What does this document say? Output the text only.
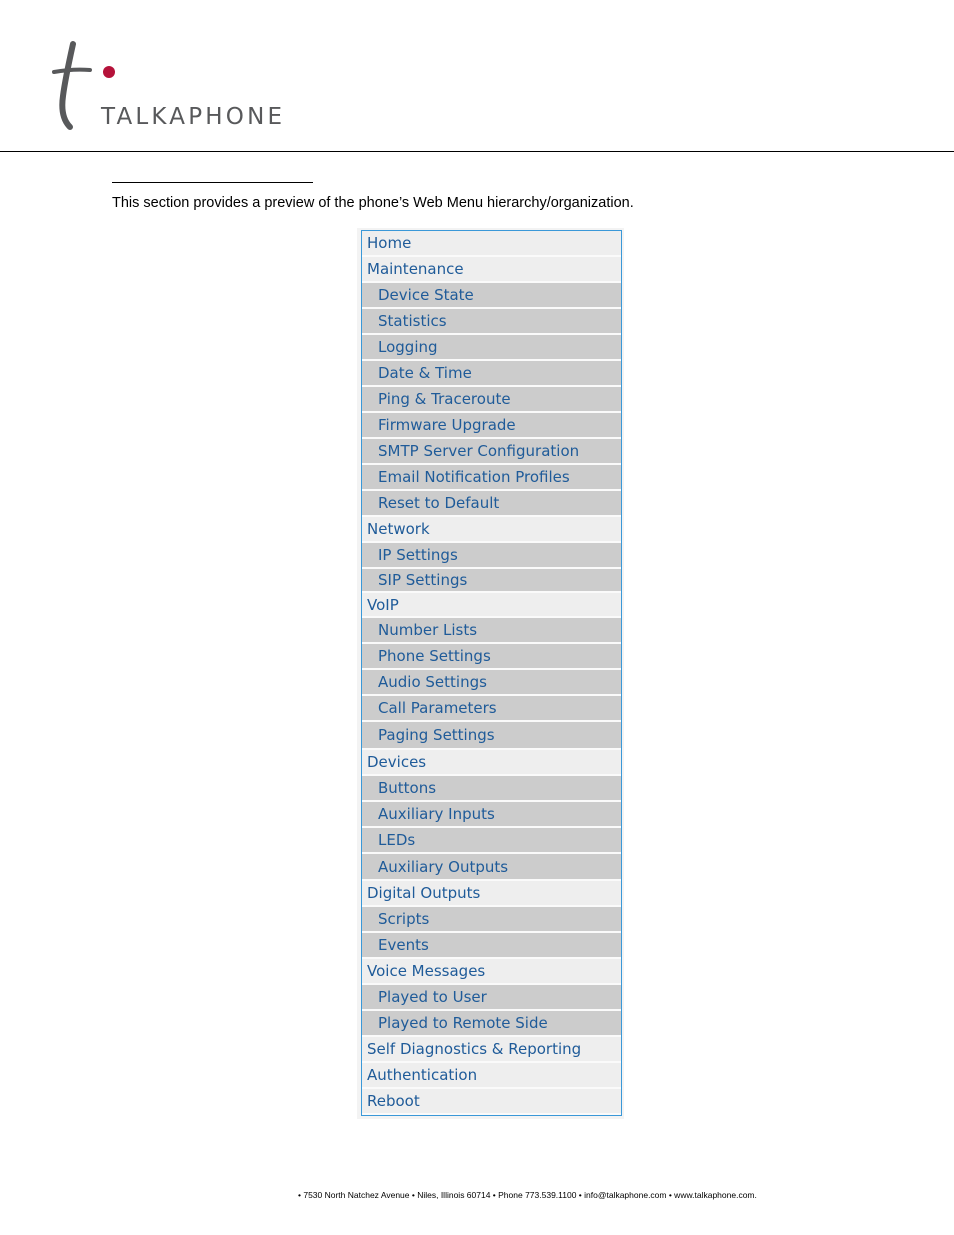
TALKAPHONE
This section provides a preview of the phone’s Web Menu hierarchy/organization.
Home
Maintenance
Device State
Statistics
Logging
Date & Time
Ping & Traceroute
Firmware Upgrade
SMTP Server Configuration
Email Notification Profiles
Reset to Default
Network
IP Settings
SIP Settings
VoIP
Number Lists
Phone Settings
Audio Settings
Call Parameters
Paging Settings
Devices
Buttons
Auxiliary Inputs
LEDs
Auxiliary Outputs
Digital Outputs
Scripts
Events
Voice Messages
Played to User
Played to Remote Side
Self Diagnostics & Reporting
Authentication
Reboot
• 7530 North Natchez Avenue • Niles, Illinois 60714 • Phone 773.539.1100 • info@talkaphone.com • www.talkaphone.com.
